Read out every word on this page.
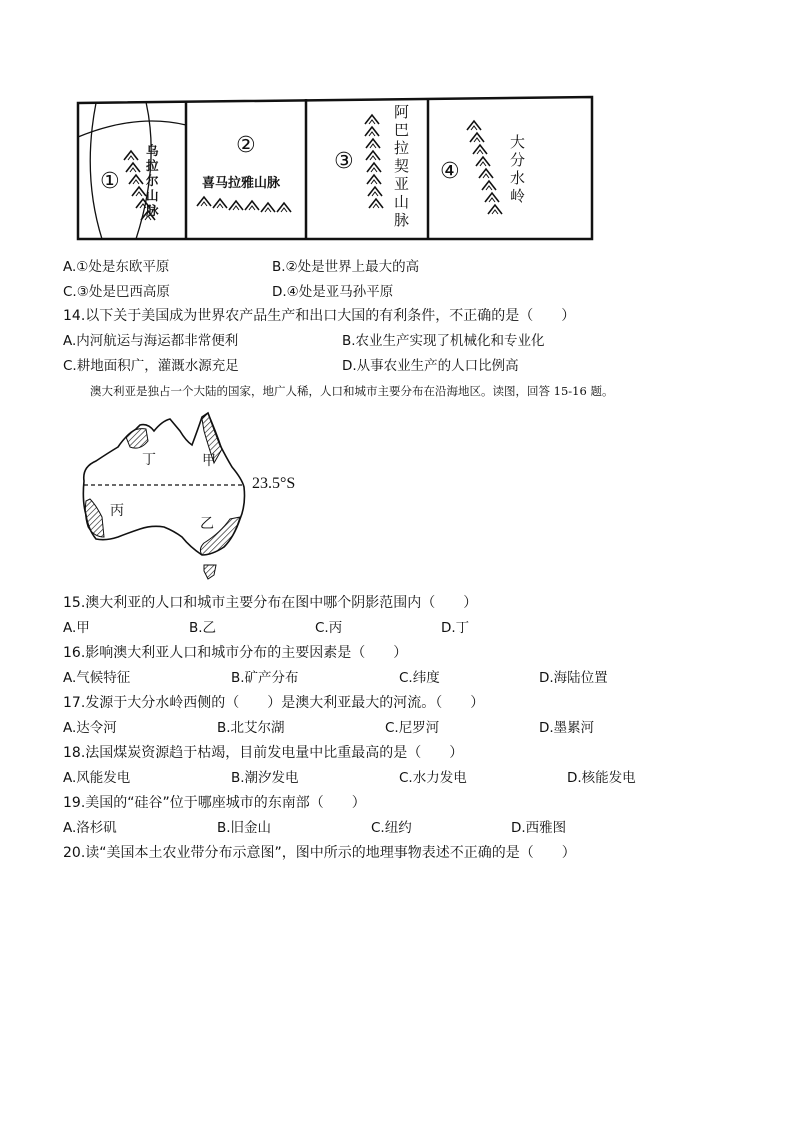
①
②
③	④
乌拉尔山脉
喜马拉雅山脉
阿巴拉契亚山脉
大分水岭
A.①处是东欧平原	B.②处是世界上最大的高
C.③处是巴西高原	D.④处是亚马孙平原
14.以下关于美国成为世界农产品生产和出口大国的有利条件，不正确的是（　　）
A.内河航运与海运都非常便利	B.农业生产实现了机械化和专业化
C.耕地面积广，灌溉水源充足	D.从事农业生产的人口比例高
澳大利亚是独占一个大陆的国家，地广人稀，人口和城市主要分布在沿海地区。读图，回答 15-16 题。
丁	甲
丙
乙
23.5°S
15.澳大利亚的人口和城市主要分布在图中哪个阴影范围内（　　）
A.甲	B.乙	C.丙	D.丁
16.影响澳大利亚人口和城市分布的主要因素是（　　）
A.气候特征	B.矿产分布	C.纬度	D.海陆位置
17.发源于大分水岭西侧的（　　）是澳大利亚最大的河流。（　　）
A.达令河	B.北艾尔湖	C.尼罗河	D.墨累河
18.法国煤炭资源趋于枯竭，目前发电量中比重最高的是（　　）
A.风能发电	B.潮汐发电	C.水力发电	D.核能发电
19.美国的“硅谷”位于哪座城市的东南部（　　）
A.洛杉矶	B.旧金山	C.纽约	D.西雅图
20.读“美国本土农业带分布示意图”，图中所示的地理事物表述不正确的是（　　）
